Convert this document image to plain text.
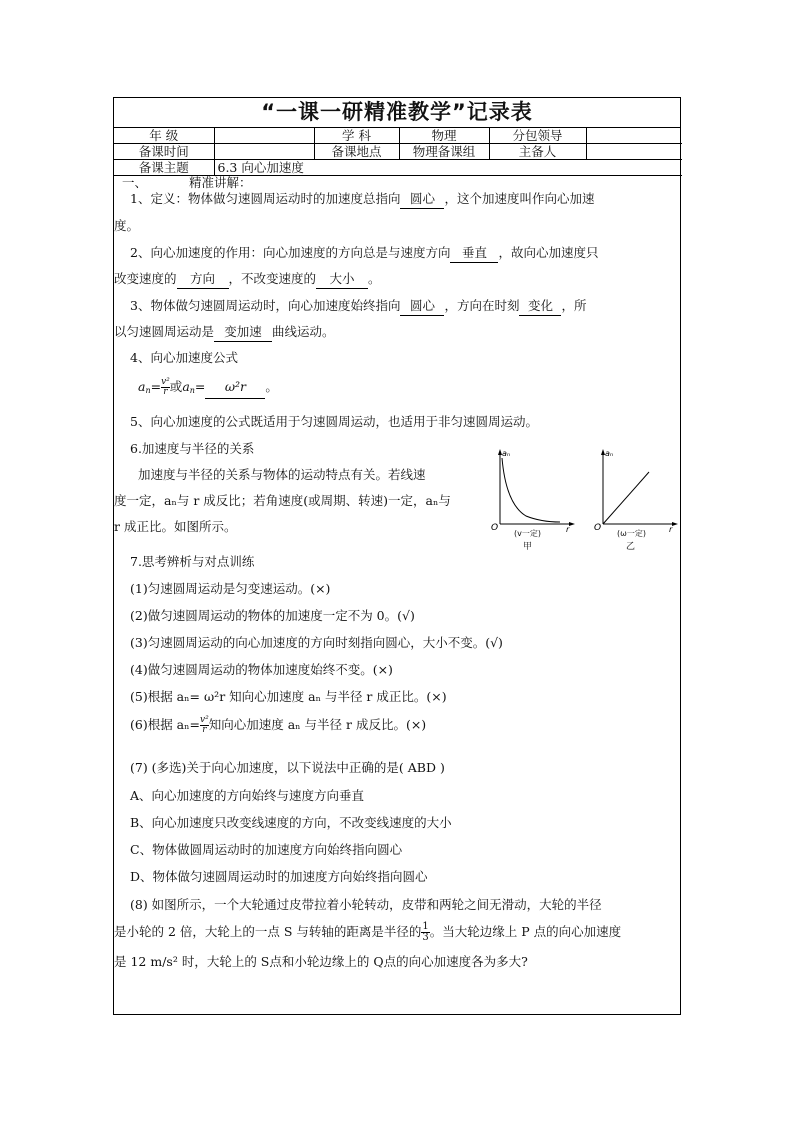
“一课一研精准教学”记录表
年 级		学 科	物理	分包领导	
备课时间		备课地点	物理备课组	主备人	
备课主题	6.3 向心加速度				
一、	精准讲解：
1、定义：物体做匀速圆周运动时的加速度总指向 圆心 ，这个加速度叫作向心加速
度。
2、向心加速度的作用：向心加速度的方向总是与速度方向 垂直 ，故向心加速度只
改变速度的 方向 ，不改变速度的 大小 。
3、物体做匀速圆周运动时，向心加速度始终指向 圆心 ，方向在时刻 变化 ，所
以匀速圆周运动是 变加速 曲线运动。
4、向心加速度公式
$a_n= \frac{\text{v²}}{r}$ 或$a_n= \omega^2r$ 。
5、向心加速度的公式既适用于匀速圆周运动，也适用于非匀速圆周运动。
6.加速度与半径的关系
加速度与半径的关系与物体的运动特点有关。若线速
度一定，aₙ与 r 成反比；若角速度(或周期、转速)一定，aₙ与
r 成正比。如图所示。
aₙ
O	r
(v一定)
甲
aₙ
O	r
(ω一定)
乙
7.思考辨析与对点训练
(1)匀速圆周运动是匀变速运动。(×)
(2)做匀速圆周运动的物体的加速度一定不为 0。(√)
(3)匀速圆周运动的向心加速度的方向时刻指向圆心，大小不变。(√)
(4)做匀速圆周运动的物体加速度始终不变。(×)
(5)根据 aₙ= ω²r 知向心加速度 aₙ 与半径 r 成正比。(×)
(6)根据 $a_n= \frac{\text{v²}}{r}$ 知向心加速度 aₙ 与半径 r 成反比。(×)
(7) (多选)关于向心加速度，以下说法中正确的是( ABD )
A、向心加速度的方向始终与速度方向垂直
B、向心加速度只改变线速度的方向，不改变线速度的大小
C、物体做圆周运动时的加速度方向始终指向圆心
D、物体做匀速圆周运动时的加速度方向始终指向圆心
(8) 如图所示，一个大轮通过皮带拉着小轮转动，皮带和两轮之间无滑动，大轮的半径
是小轮的 2 倍，大轮上的一点 S 与转轴的距离是半径的 $\frac{1}{3}$ 。当大轮边缘上 P 点的向心加速度
是 12 m/s² 时，大轮上的 S点和小轮边缘上的 Q点的向心加速度各为多大?
